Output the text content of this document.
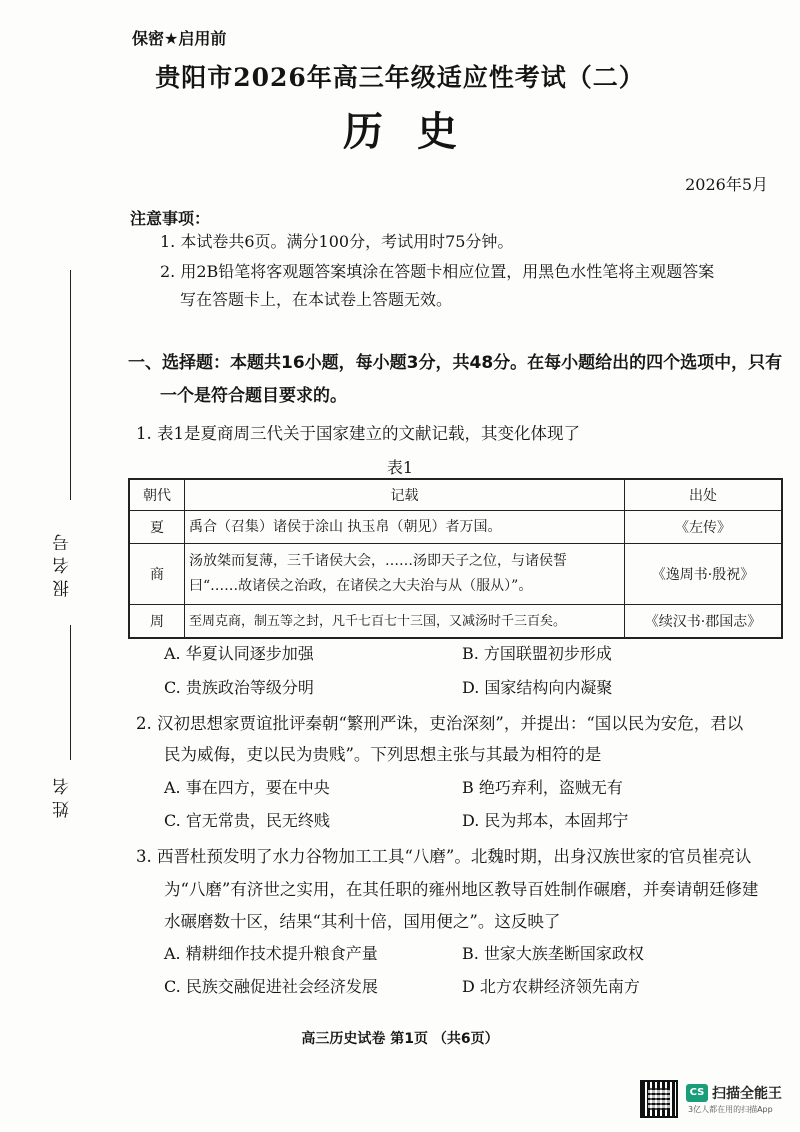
保密★启用前
贵阳市2026年高三年级适应性考试（二）
历史
2026年5月
注意事项：
1. 本试卷共6页。满分100分，考试用时75分钟。
2. 用2B铅笔将客观题答案填涂在答题卡相应位置，用黑色水性笔将主观题答案
写在答题卡上，在本试卷上答题无效。
报名号
姓名
一、选择题：本题共16小题，每小题3分，共48分。在每小题给出的四个选项中，只有
一个是符合题目要求的。
1. 表1是夏商周三代关于国家建立的文献记载，其变化体现了
表1
朝代	记载	出处
夏	禹合（召集）诸侯于涂山 执玉帛（朝见）者万国。	《左传》
商	汤放桀而复薄，三千诸侯大会，……汤即天子之位，与诸侯誓
曰“……故诸侯之治政，在诸侯之大夫治与从（服从）”。	《逸周书·殷祝》
周	至周克商，制五等之封，凡千七百七十三国，又减汤时千三百矣。	《续汉书·郡国志》
A. 华夏认同逐步加强	B. 方国联盟初步形成
C. 贵族政治等级分明	D. 国家结构向内凝聚
2. 汉初思想家贾谊批评秦朝“繁刑严诛，吏治深刻”，并提出：“国以民为安危，君以
民为威侮，吏以民为贵贱”。下列思想主张与其最为相符的是
A. 事在四方，要在中央	B 绝巧弃利，盗贼无有
C. 官无常贵，民无终贱	D. 民为邦本，本固邦宁
3. 西晋杜预发明了水力谷物加工工具“八磨”。北魏时期，出身汉族世家的官员崔亮认
为“八磨”有济世之实用，在其任职的雍州地区教导百姓制作碾磨，并奏请朝廷修建
水碾磨数十区，结果“其利十倍，国用便之”。这反映了
A. 精耕细作技术提升粮食产量	B. 世家大族垄断国家政权
C. 民族交融促进社会经济发展	D 北方农耕经济领先南方
高三历史试卷 第1页 （共6页）
CS 扫描全能王
3亿人都在用的扫描App
